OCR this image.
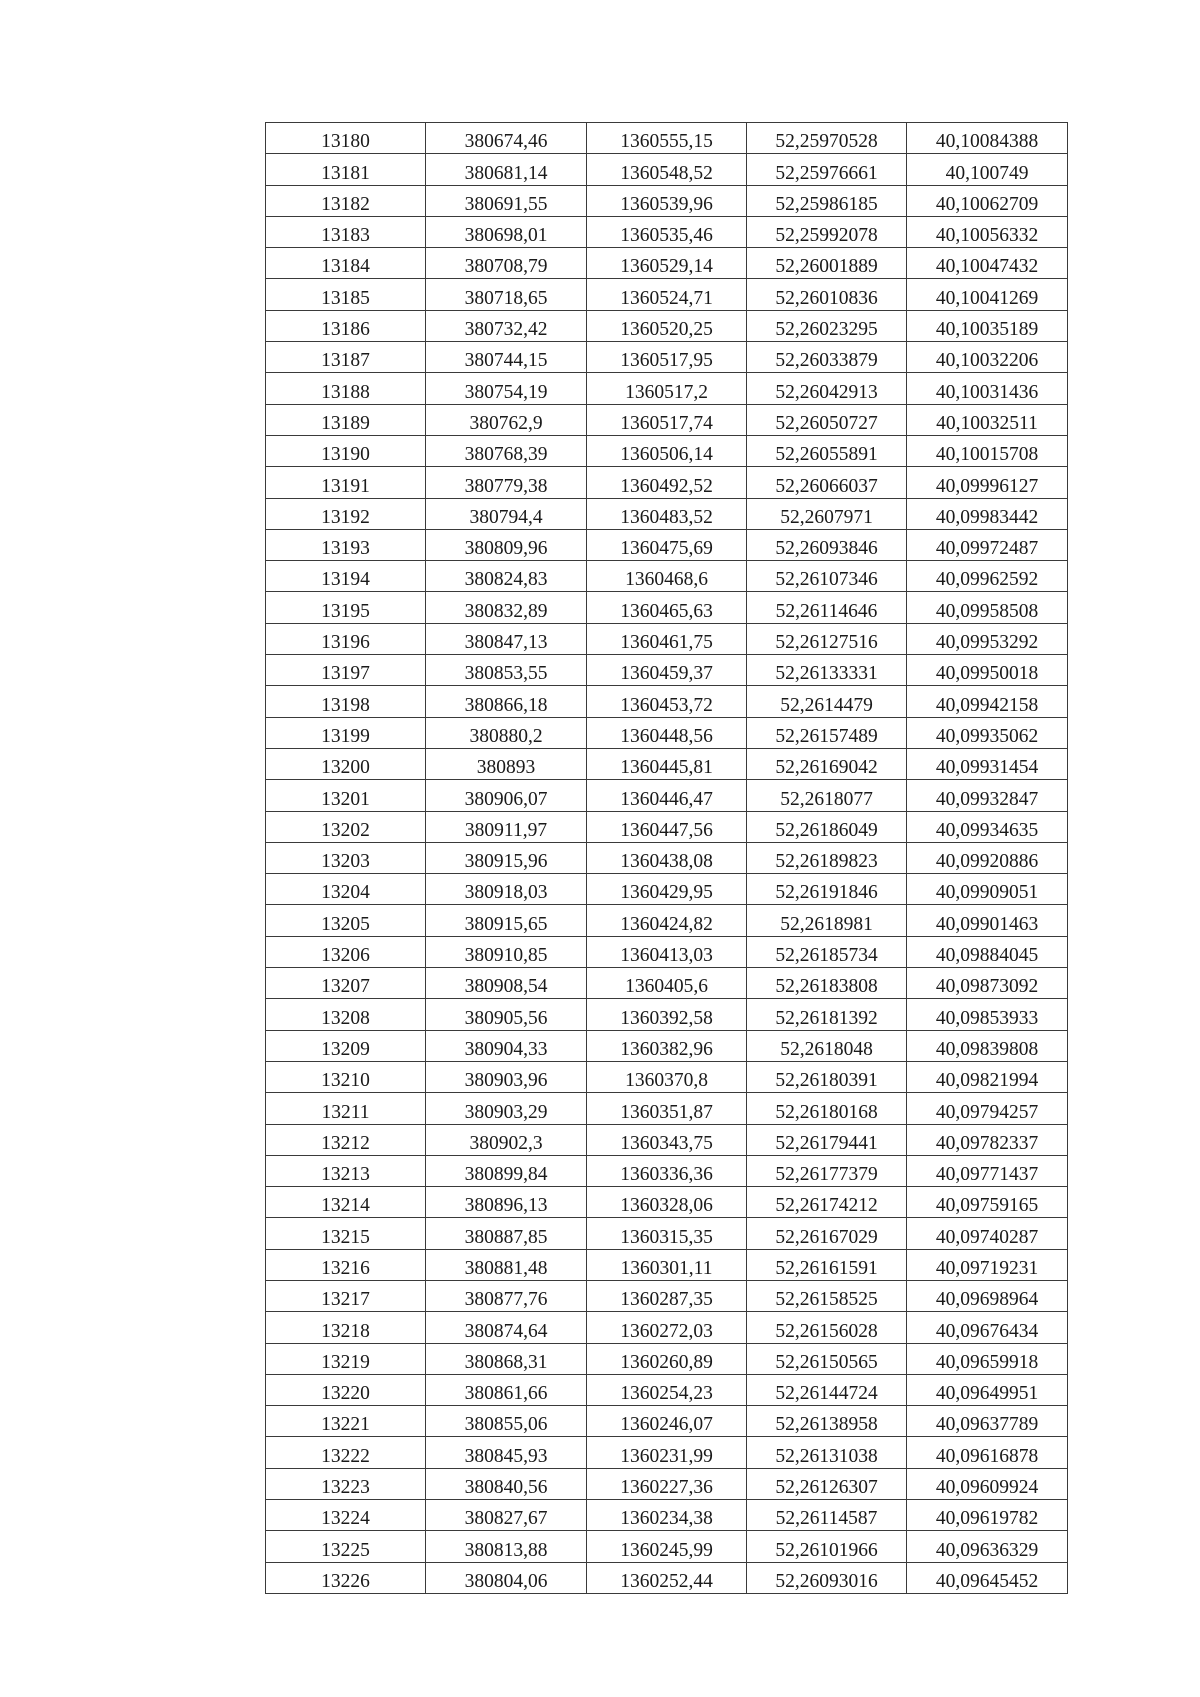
13180	380674,46	1360555,15	52,25970528	40,10084388
13181	380681,14	1360548,52	52,25976661	40,100749
13182	380691,55	1360539,96	52,25986185	40,10062709
13183	380698,01	1360535,46	52,25992078	40,10056332
13184	380708,79	1360529,14	52,26001889	40,10047432
13185	380718,65	1360524,71	52,26010836	40,10041269
13186	380732,42	1360520,25	52,26023295	40,10035189
13187	380744,15	1360517,95	52,26033879	40,10032206
13188	380754,19	1360517,2	52,26042913	40,10031436
13189	380762,9	1360517,74	52,26050727	40,10032511
13190	380768,39	1360506,14	52,26055891	40,10015708
13191	380779,38	1360492,52	52,26066037	40,09996127
13192	380794,4	1360483,52	52,2607971	40,09983442
13193	380809,96	1360475,69	52,26093846	40,09972487
13194	380824,83	1360468,6	52,26107346	40,09962592
13195	380832,89	1360465,63	52,26114646	40,09958508
13196	380847,13	1360461,75	52,26127516	40,09953292
13197	380853,55	1360459,37	52,26133331	40,09950018
13198	380866,18	1360453,72	52,2614479	40,09942158
13199	380880,2	1360448,56	52,26157489	40,09935062
13200	380893	1360445,81	52,26169042	40,09931454
13201	380906,07	1360446,47	52,2618077	40,09932847
13202	380911,97	1360447,56	52,26186049	40,09934635
13203	380915,96	1360438,08	52,26189823	40,09920886
13204	380918,03	1360429,95	52,26191846	40,09909051
13205	380915,65	1360424,82	52,2618981	40,09901463
13206	380910,85	1360413,03	52,26185734	40,09884045
13207	380908,54	1360405,6	52,26183808	40,09873092
13208	380905,56	1360392,58	52,26181392	40,09853933
13209	380904,33	1360382,96	52,2618048	40,09839808
13210	380903,96	1360370,8	52,26180391	40,09821994
13211	380903,29	1360351,87	52,26180168	40,09794257
13212	380902,3	1360343,75	52,26179441	40,09782337
13213	380899,84	1360336,36	52,26177379	40,09771437
13214	380896,13	1360328,06	52,26174212	40,09759165
13215	380887,85	1360315,35	52,26167029	40,09740287
13216	380881,48	1360301,11	52,26161591	40,09719231
13217	380877,76	1360287,35	52,26158525	40,09698964
13218	380874,64	1360272,03	52,26156028	40,09676434
13219	380868,31	1360260,89	52,26150565	40,09659918
13220	380861,66	1360254,23	52,26144724	40,09649951
13221	380855,06	1360246,07	52,26138958	40,09637789
13222	380845,93	1360231,99	52,26131038	40,09616878
13223	380840,56	1360227,36	52,26126307	40,09609924
13224	380827,67	1360234,38	52,26114587	40,09619782
13225	380813,88	1360245,99	52,26101966	40,09636329
13226	380804,06	1360252,44	52,26093016	40,09645452
